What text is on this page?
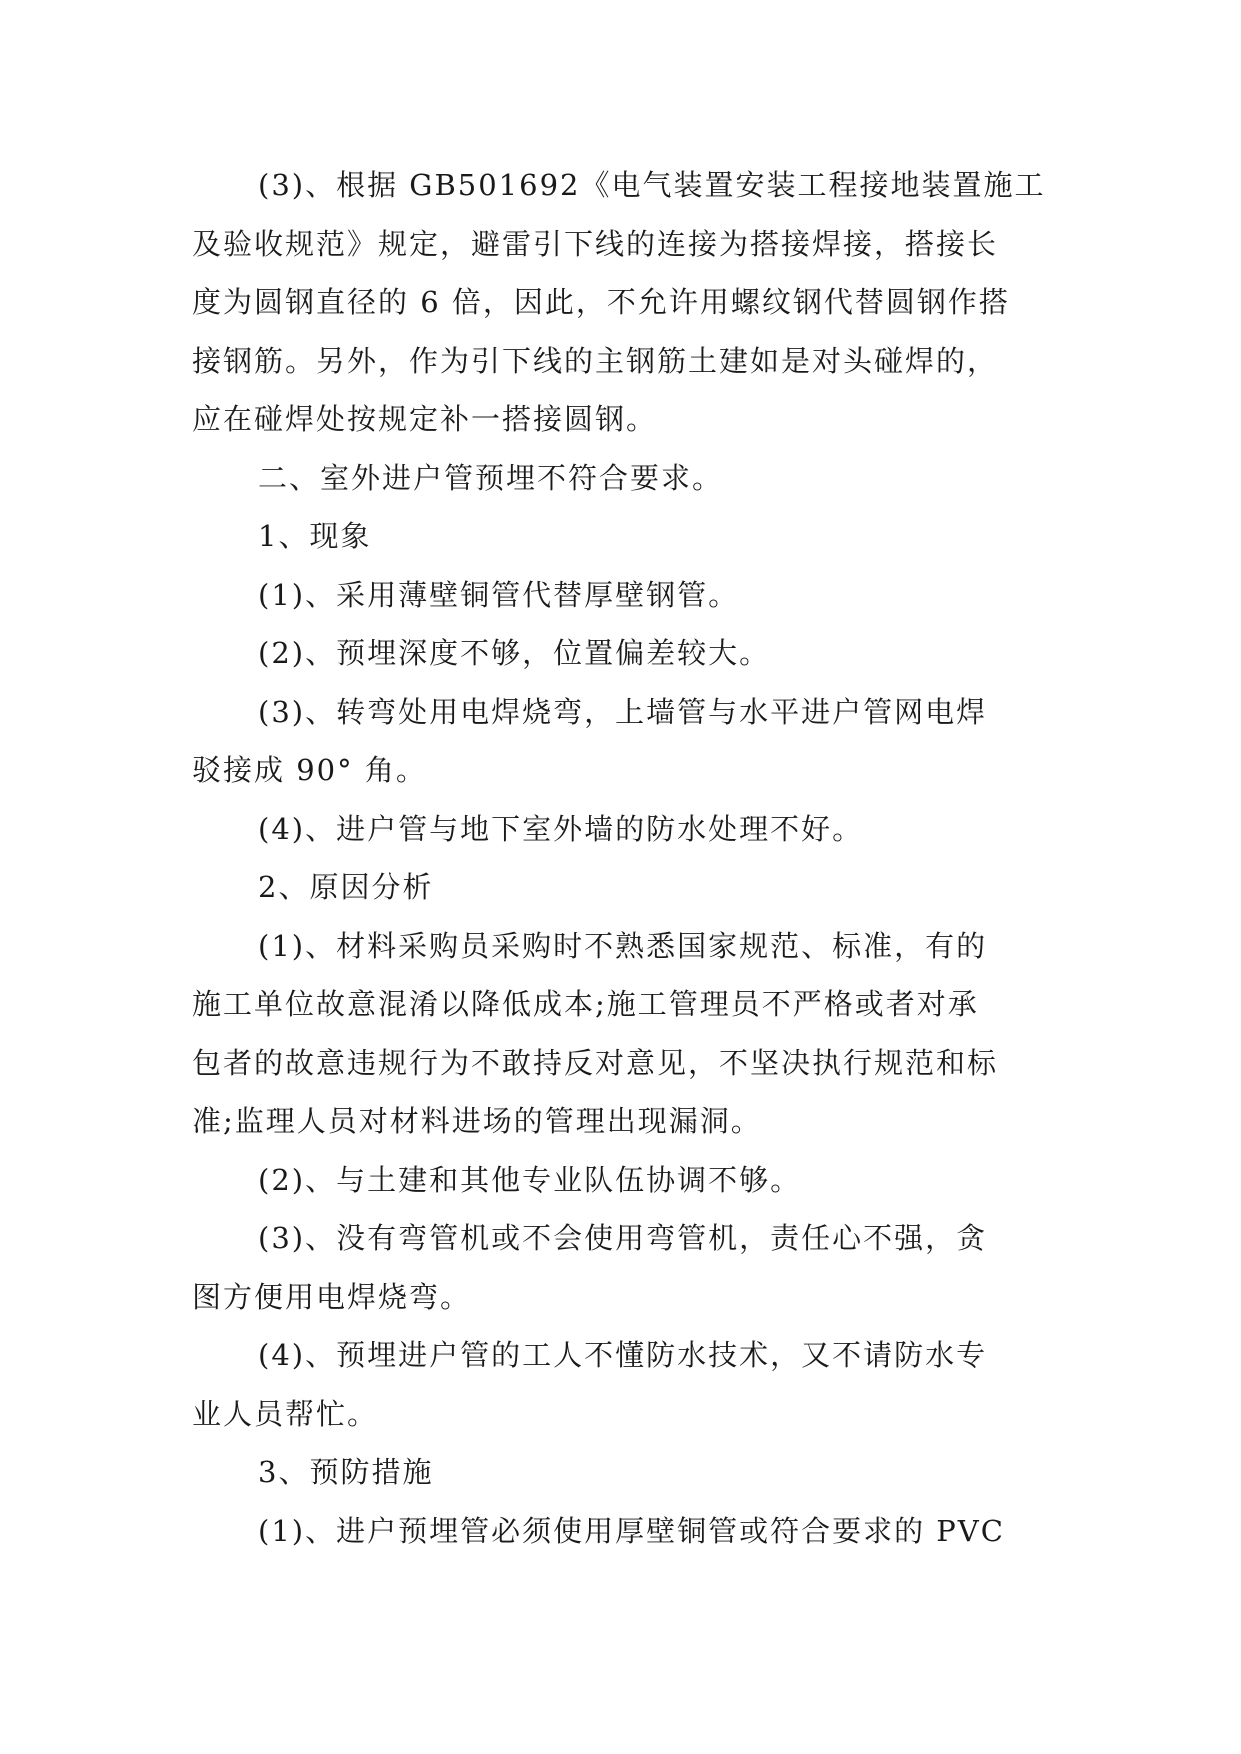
(3)、根据 GB501692《电气装置安装工程接地装置施工
及验收规范》规定，避雷引下线的连接为搭接焊接，搭接长
度为圆钢直径的 6 倍，因此，不允许用螺纹钢代替圆钢作搭
接钢筋。另外，作为引下线的主钢筋土建如是对头碰焊的，
应在碰焊处按规定补一搭接圆钢。
二、室外进户管预埋不符合要求。
1、现象
(1)、采用薄壁铜管代替厚壁钢管。
(2)、预埋深度不够，位置偏差较大。
(3)、转弯处用电焊烧弯，上墙管与水平进户管网电焊
驳接成 90° 角。
(4)、进户管与地下室外墙的防水处理不好。
2、原因分析
(1)、材料采购员采购时不熟悉国家规范、标准，有的
施工单位故意混淆以降低成本;施工管理员不严格或者对承
包者的故意违规行为不敢持反对意见，不坚决执行规范和标
准;监理人员对材料进场的管理出现漏洞。
(2)、与土建和其他专业队伍协调不够。
(3)、没有弯管机或不会使用弯管机，责任心不强，贪
图方便用电焊烧弯。
(4)、预埋进户管的工人不懂防水技术，又不请防水专
业人员帮忙。
3、预防措施
(1)、进户预埋管必须使用厚壁铜管或符合要求的 PVC
